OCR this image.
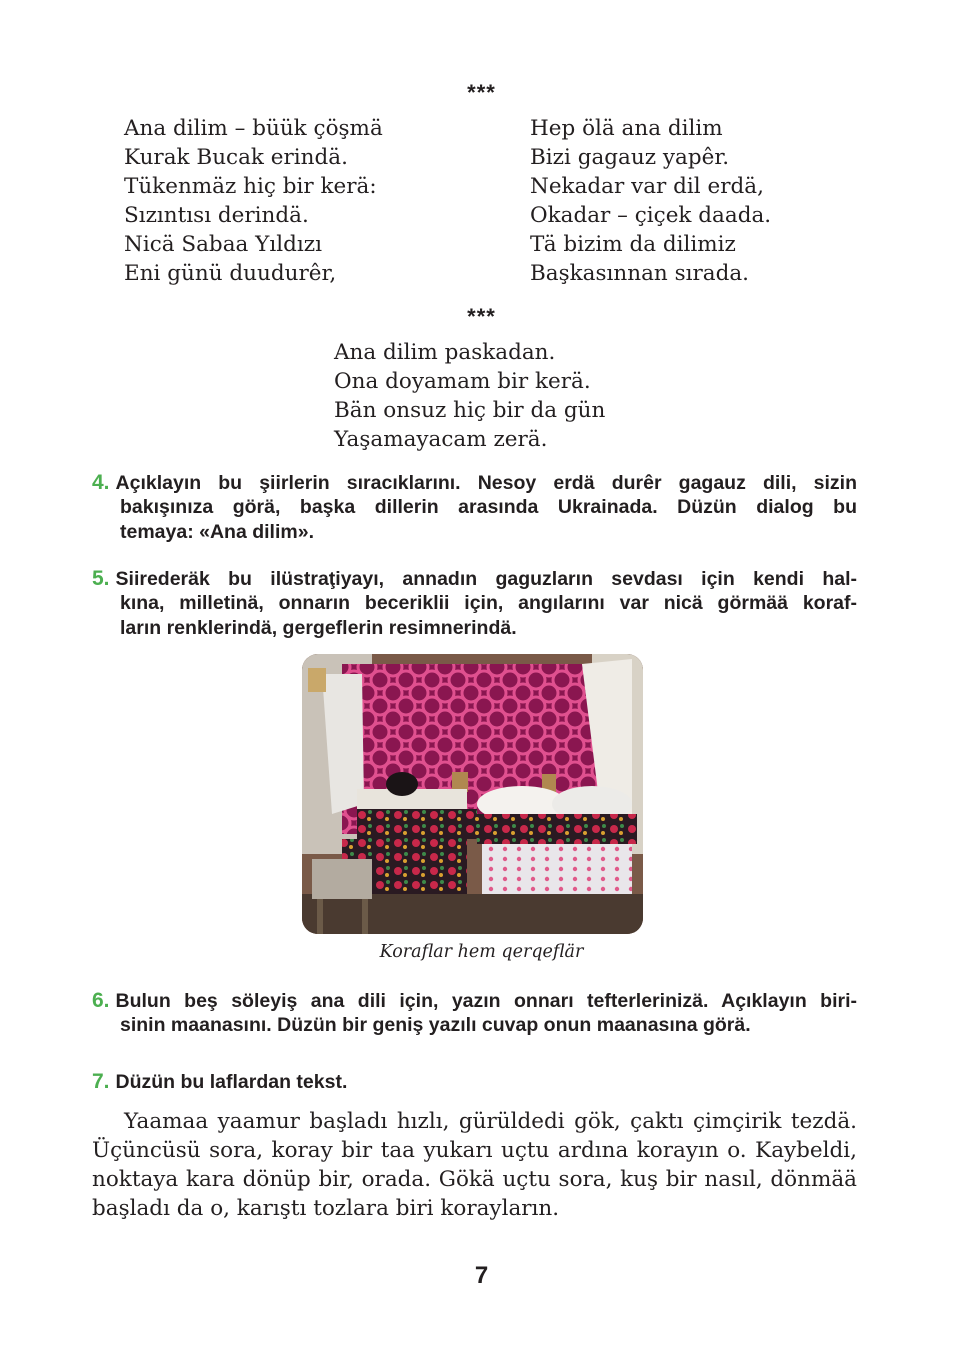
***
Ana dilim – büük çöşmä
Kurak Bucak erindä.
Tükenmäz hiç bir kerä:
Sızıntısı derindä.
Nicä Sabaa Yıldızı
Eni günü duudurêr,
Hep ölä ana dilim
Bizi gagauz yapêr.
Nekadar var dil erdä,
Okadar – çiçek daada.
Tä bizim da dilimiz
Başkasınnan sırada.
***
Ana dilim paskadan.
Ona doyamam bir kerä.
Bän onsuz hiç bir da gün
Yaşamayacam zerä.
4. Açıklayın bu şiirlerin sıracıklarını. Nesoy erdä durêr gagauz dili, sizin
bakışınıza görä, başka dillerin arasında Ukrainada. Düzün dialog bu
temaya: «Ana dilim».
5. Siirederäk bu ilüstraţiyayı, annadın gaguzların sevdası için kendi hal-
kına, milletinä, onnarın beceriklii için, angılarını var nicä görmää koraf-
ların renklerindä, gergeflerin resimnerindä.
Koraflar hem qerqeflär
6. Bulun beş söleyiş ana dili için, yazın onnarı tefterlerinizä. Açıklayın biri-
sinin maanasını. Düzün bir geniş yazılı cuvap onun maanasına görä.
7. Düzün bu laflardan tekst.
Yaamaa yaamur başladı hızlı, gürüldedi gök, çaktı çimçirik tezdä.
Üçüncüsü sora, koray bir taa yukarı uçtu ardına korayın o. Kaybeldi,
noktaya kara dönüp bir, orada. Gökä uçtu sora, kuş bir nasıl, dönmää
başladı da o, karıştı tozlara biri korayların.
7
